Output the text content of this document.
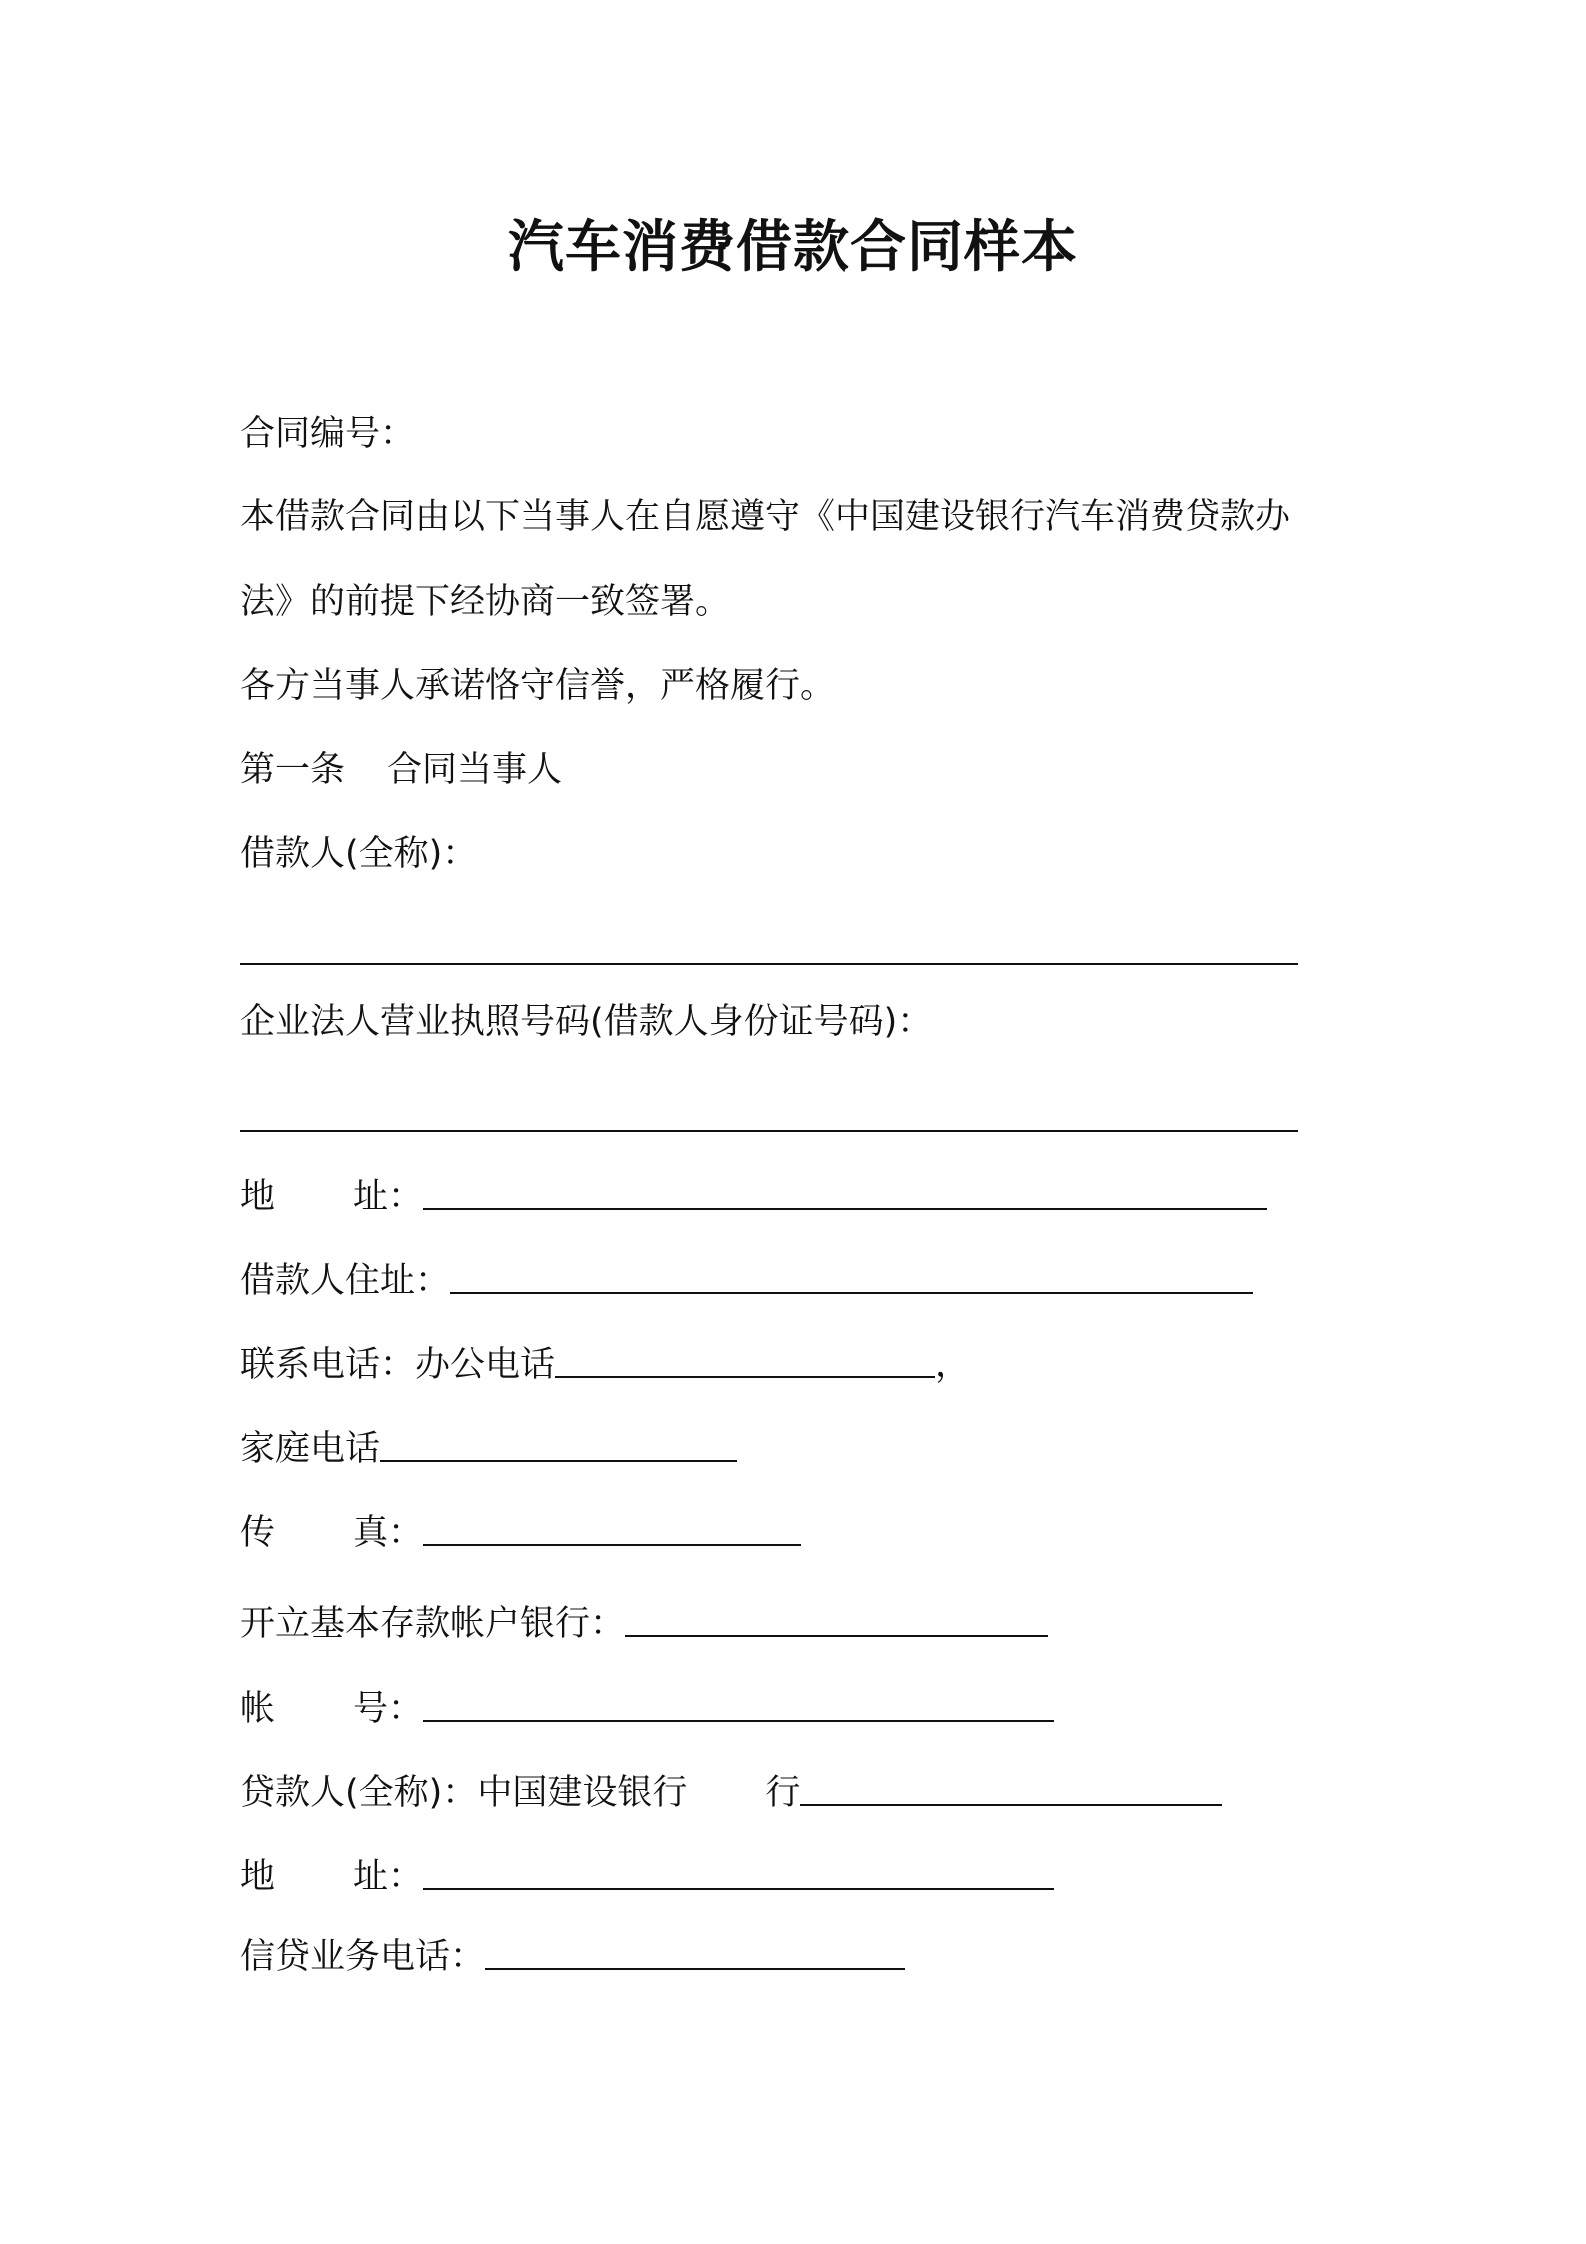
汽车消费借款合同样本
合同编号：
本借款合同由以下当事人在自愿遵守《中国建设银行汽车消费贷款办
法》的前提下经协商一致签署。
各方当事人承诺恪守信誉，严格履行。
第一条 合同当事人
借款人(全称)：
企业法人营业执照号码(借款人身份证号码)：
地 址：
借款人住址：
联系电话：办公电话	，
家庭电话
传 真：
开立基本存款帐户银行：
帐 号：
贷款人(全称)：中国建设银行 行
地 址：
信贷业务电话：
